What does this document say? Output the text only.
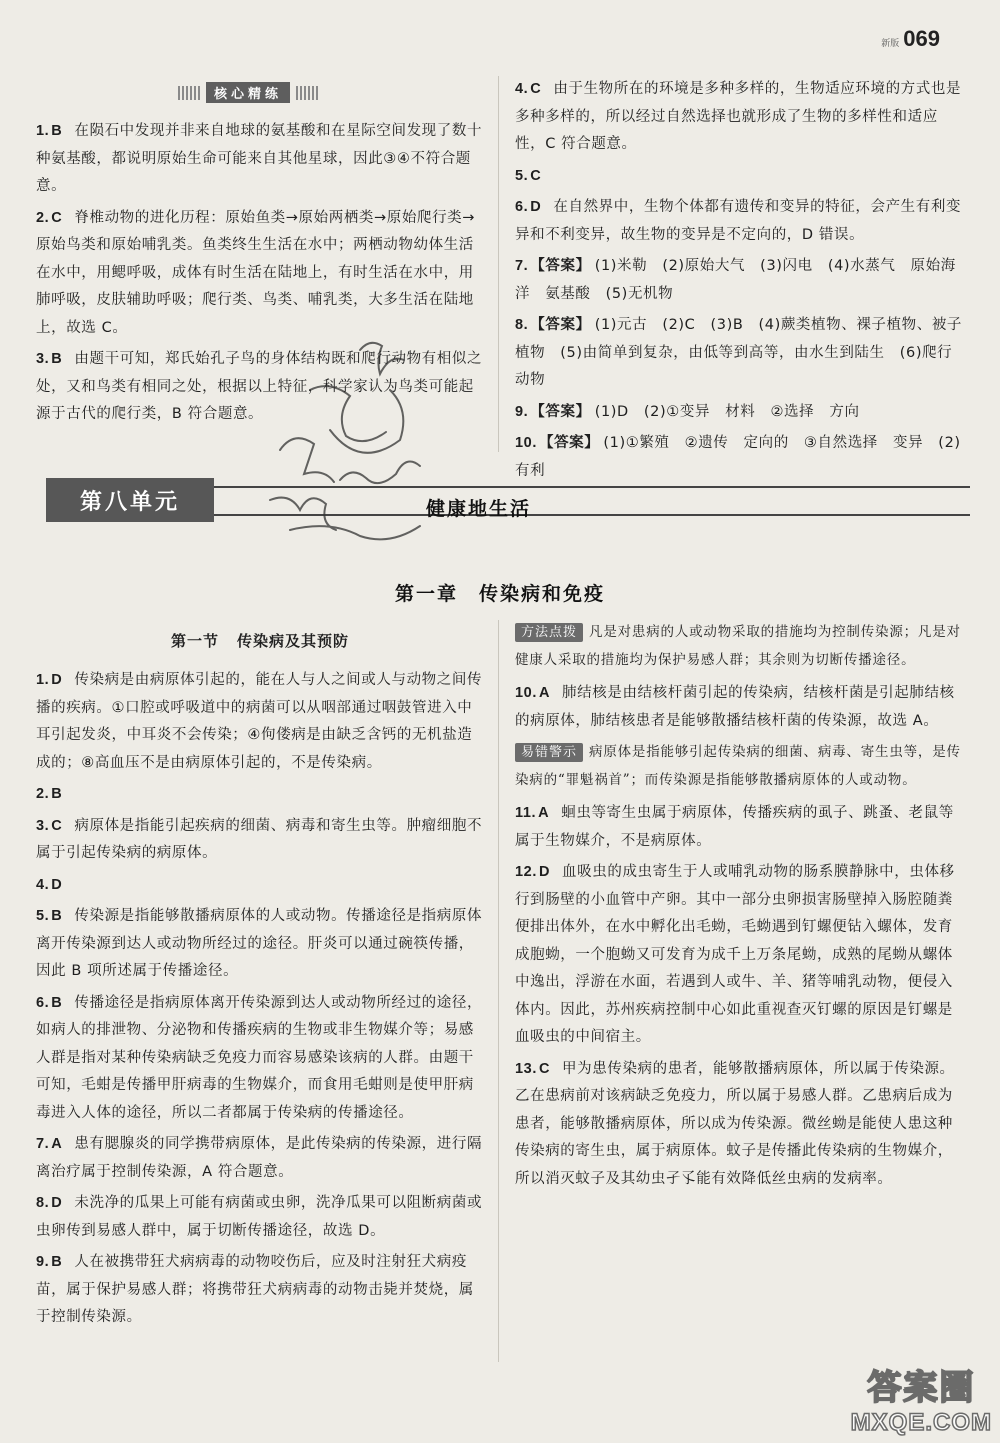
新版 069
核心精练
1. B 在陨石中发现并非来自地球的氨基酸和在星际空间发现了数十种氨基酸，都说明原始生命可能来自其他星球，因此③④不符合题意。
2. C 脊椎动物的进化历程：原始鱼类→原始两栖类→原始爬行类→原始鸟类和原始哺乳类。鱼类终生生活在水中；两栖动物幼体生活在水中，用鳃呼吸，成体有时生活在陆地上，有时生活在水中，用肺呼吸，皮肤辅助呼吸；爬行类、鸟类、哺乳类，大多生活在陆地上，故选 C。
3. B 由题干可知，郑氏始孔子鸟的身体结构既和爬行动物有相似之处，又和鸟类有相同之处，根据以上特征，科学家认为鸟类可能起源于古代的爬行类，B 符合题意。
4. C 由于生物所在的环境是多种多样的，生物适应环境的方式也是多种多样的，所以经过自然选择也就形成了生物的多样性和适应性，C 符合题意。
5. C
6. D 在自然界中，生物个体都有遗传和变异的特征，会产生有利变异和不利变异，故生物的变异是不定向的，D 错误。
7. 【答案】 (1)米勒　(2)原始大气　(3)闪电　(4)水蒸气　原始海洋　氨基酸　(5)无机物
8. 【答案】 (1)元古　(2)C　(3)B　(4)蕨类植物、裸子植物、被子植物　(5)由简单到复杂，由低等到高等，由水生到陆生　(6)爬行动物
9. 【答案】 (1)D　(2)①变异　材料　②选择　方向
10. 【答案】 (1)①繁殖　②遗传　定向的　③自然选择　变异　(2)有利
第八单元	健康地生活
第一章　传染病和免疫
第一节 传染病及其预防
1. D 传染病是由病原体引起的，能在人与人之间或人与动物之间传播的疾病。①口腔或呼吸道中的病菌可以从咽部通过咽鼓管进入中耳引起发炎，中耳炎不会传染；④佝偻病是由缺乏含钙的无机盐造成的；⑧高血压不是由病原体引起的，不是传染病。
2. B
3. C 病原体是指能引起疾病的细菌、病毒和寄生虫等。肿瘤细胞不属于引起传染病的病原体。
4. D
5. B 传染源是指能够散播病原体的人或动物。传播途径是指病原体离开传染源到达人或动物所经过的途径。肝炎可以通过碗筷传播，因此 B 项所述属于传播途径。
6. B 传播途径是指病原体离开传染源到达人或动物所经过的途径，如病人的排泄物、分泌物和传播疾病的生物或非生物媒介等；易感人群是指对某种传染病缺乏免疫力而容易感染该病的人群。由题干可知，毛蚶是传播甲肝病毒的生物媒介，而食用毛蚶则是使甲肝病毒进入人体的途径，所以二者都属于传染病的传播途径。
7. A 患有腮腺炎的同学携带病原体，是此传染病的传染源，进行隔离治疗属于控制传染源，A 符合题意。
8. D 未洗净的瓜果上可能有病菌或虫卵，洗净瓜果可以阻断病菌或虫卵传到易感人群中，属于切断传播途径，故选 D。
9. B 人在被携带狂犬病病毒的动物咬伤后，应及时注射狂犬病疫苗，属于保护易感人群；将携带狂犬病病毒的动物击毙并焚烧，属于控制传染源。
方法点拨 凡是对患病的人或动物采取的措施均为控制传染源；凡是对健康人采取的措施均为保护易感人群；其余则为切断传播途径。
10. A 肺结核是由结核杆菌引起的传染病，结核杆菌是引起肺结核的病原体，肺结核患者是能够散播结核杆菌的传染源，故选 A。
易错警示 病原体是指能够引起传染病的细菌、病毒、寄生虫等，是传染病的“罪魁祸首”；而传染源是指能够散播病原体的人或动物。
11. A 蛔虫等寄生虫属于病原体，传播疾病的虱子、跳蚤、老鼠等属于生物媒介，不是病原体。
12. D 血吸虫的成虫寄生于人或哺乳动物的肠系膜静脉中，虫体移行到肠壁的小血管中产卵。其中一部分虫卵损害肠壁掉入肠腔随粪便排出体外，在水中孵化出毛蚴，毛蚴遇到钉螺便钻入螺体，发育成胞蚴，一个胞蚴又可发育为成千上万条尾蚴，成熟的尾蚴从螺体中逸出，浮游在水面，若遇到人或牛、羊、猪等哺乳动物，便侵入体内。因此，苏州疾病控制中心如此重视查灭钉螺的原因是钉螺是血吸虫的中间宿主。
13. C 甲为患传染病的患者，能够散播病原体，所以属于传染源。乙在患病前对该病缺乏免疫力，所以属于易感人群。乙患病后成为患者，能够散播病原体，所以成为传染源。微丝蚴是能使人患这种传染病的寄生虫，属于病原体。蚊子是传播此传染病的生物媒介，所以消灭蚊子及其幼虫孑孓能有效降低丝虫病的发病率。
答案圈
MXQE.COM
